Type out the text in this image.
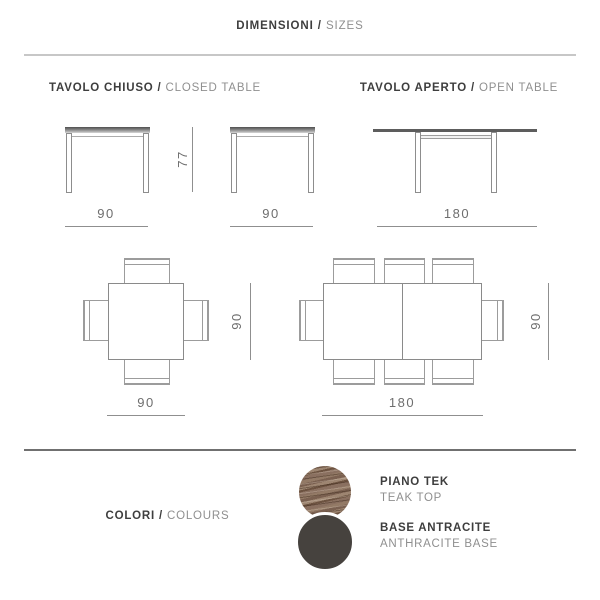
DIMENSIONI / SIZES
TAVOLO CHIUSO / CLOSED TABLE	TAVOLO APERTO / OPEN TABLE
77
90	90	180
90
90
90
180
COLORI / COLOURS
PIANO TEK
TEAK TOP
BASE ANTRACITE
ANTHRACITE BASE
